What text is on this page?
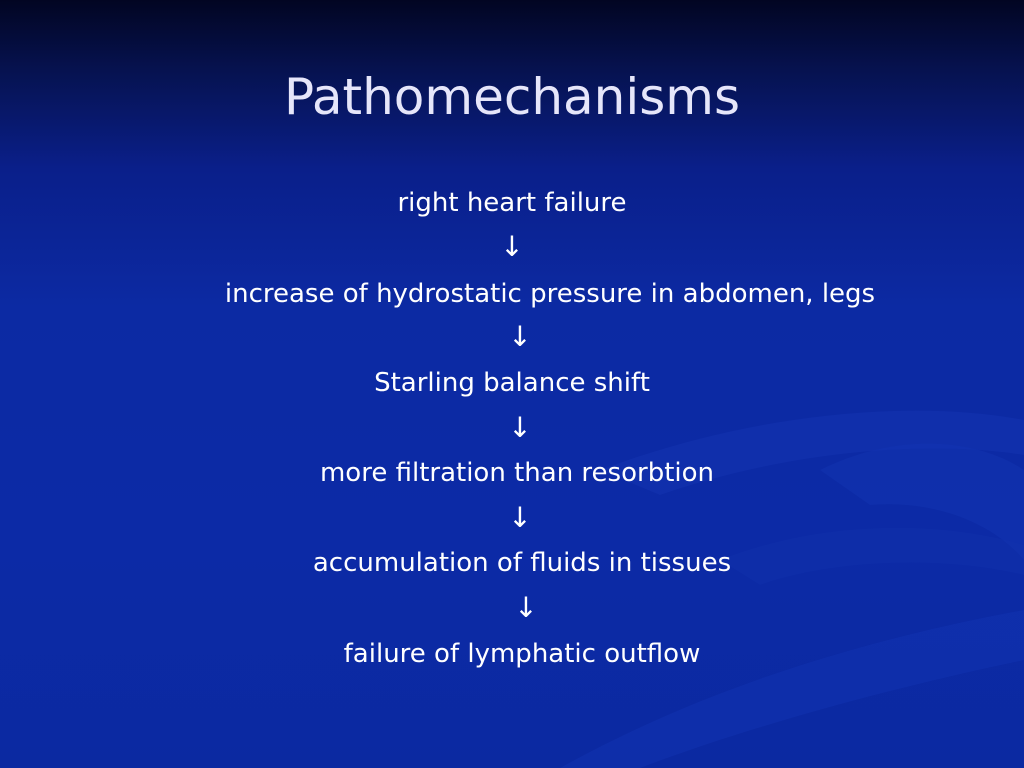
Pathomechanisms
right heart failure
↓
increase of hydrostatic pressure in abdomen, legs
↓
Starling balance shift
↓
more filtration than resorbtion
↓
accumulation of fluids in tissues
↓
failure of lymphatic outflow
